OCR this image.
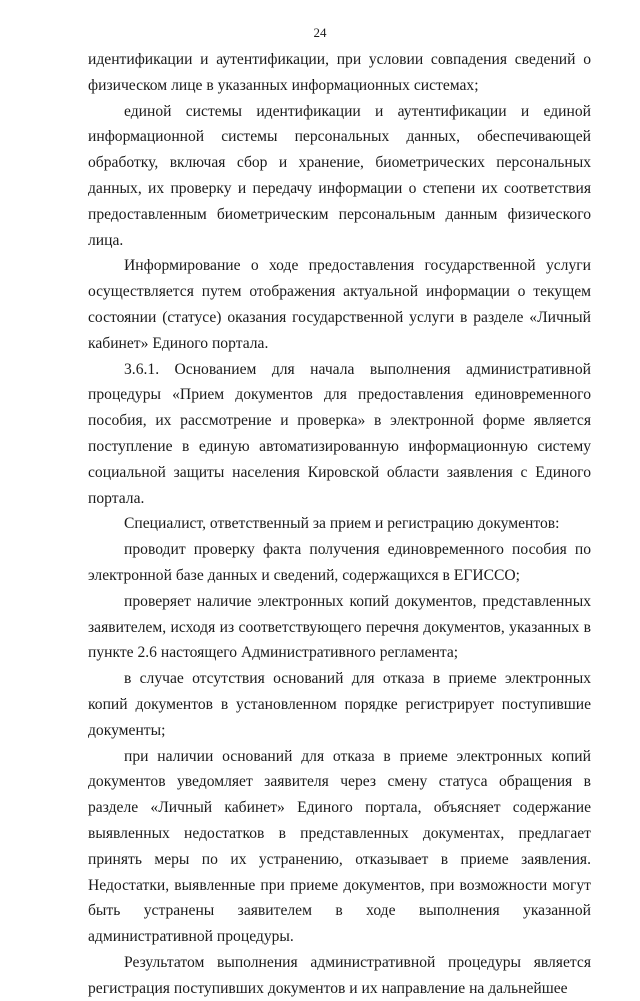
24

идентификации и аутентификации, при условии совпадения сведений о физическом лице в указанных информационных системах;

единой системы идентификации и аутентификации и единой информационной системы персональных данных, обеспечивающей обработку, включая сбор и хранение, биометрических персональных данных, их проверку и передачу информации о степени их соответствия предоставленным биометрическим персональным данным физического лица.

Информирование о ходе предоставления государственной услуги осуществляется путем отображения актуальной информации о текущем состоянии (статусе) оказания государственной услуги в разделе «Личный кабинет» Единого портала.

3.6.1. Основанием для начала выполнения административной процедуры «Прием документов для предоставления единовременного пособия, их рассмотрение и проверка» в электронной форме является поступление в единую автоматизированную информационную систему социальной защиты населения Кировской области заявления с Единого портала.

Специалист, ответственный за прием и регистрацию документов:

проводит проверку факта получения единовременного пособия по электронной базе данных и сведений, содержащихся в ЕГИССО;

проверяет наличие электронных копий документов, представленных заявителем, исходя из соответствующего перечня документов, указанных в пункте 2.6 настоящего Административного регламента;

в случае отсутствия оснований для отказа в приеме электронных копий документов в установленном порядке регистрирует поступившие документы;

при наличии оснований для отказа в приеме электронных копий документов уведомляет заявителя через смену статуса обращения в разделе «Личный кабинет» Единого портала, объясняет содержание выявленных недостатков в представленных документах, предлагает принять меры по их устранению, отказывает в приеме заявления. Недостатки, выявленные при приеме документов, при возможности могут быть устранены заявителем в ходе выполнения указанной административной процедуры.

Результатом выполнения административной процедуры является регистрация поступивших документов и их направление на дальнейшее
